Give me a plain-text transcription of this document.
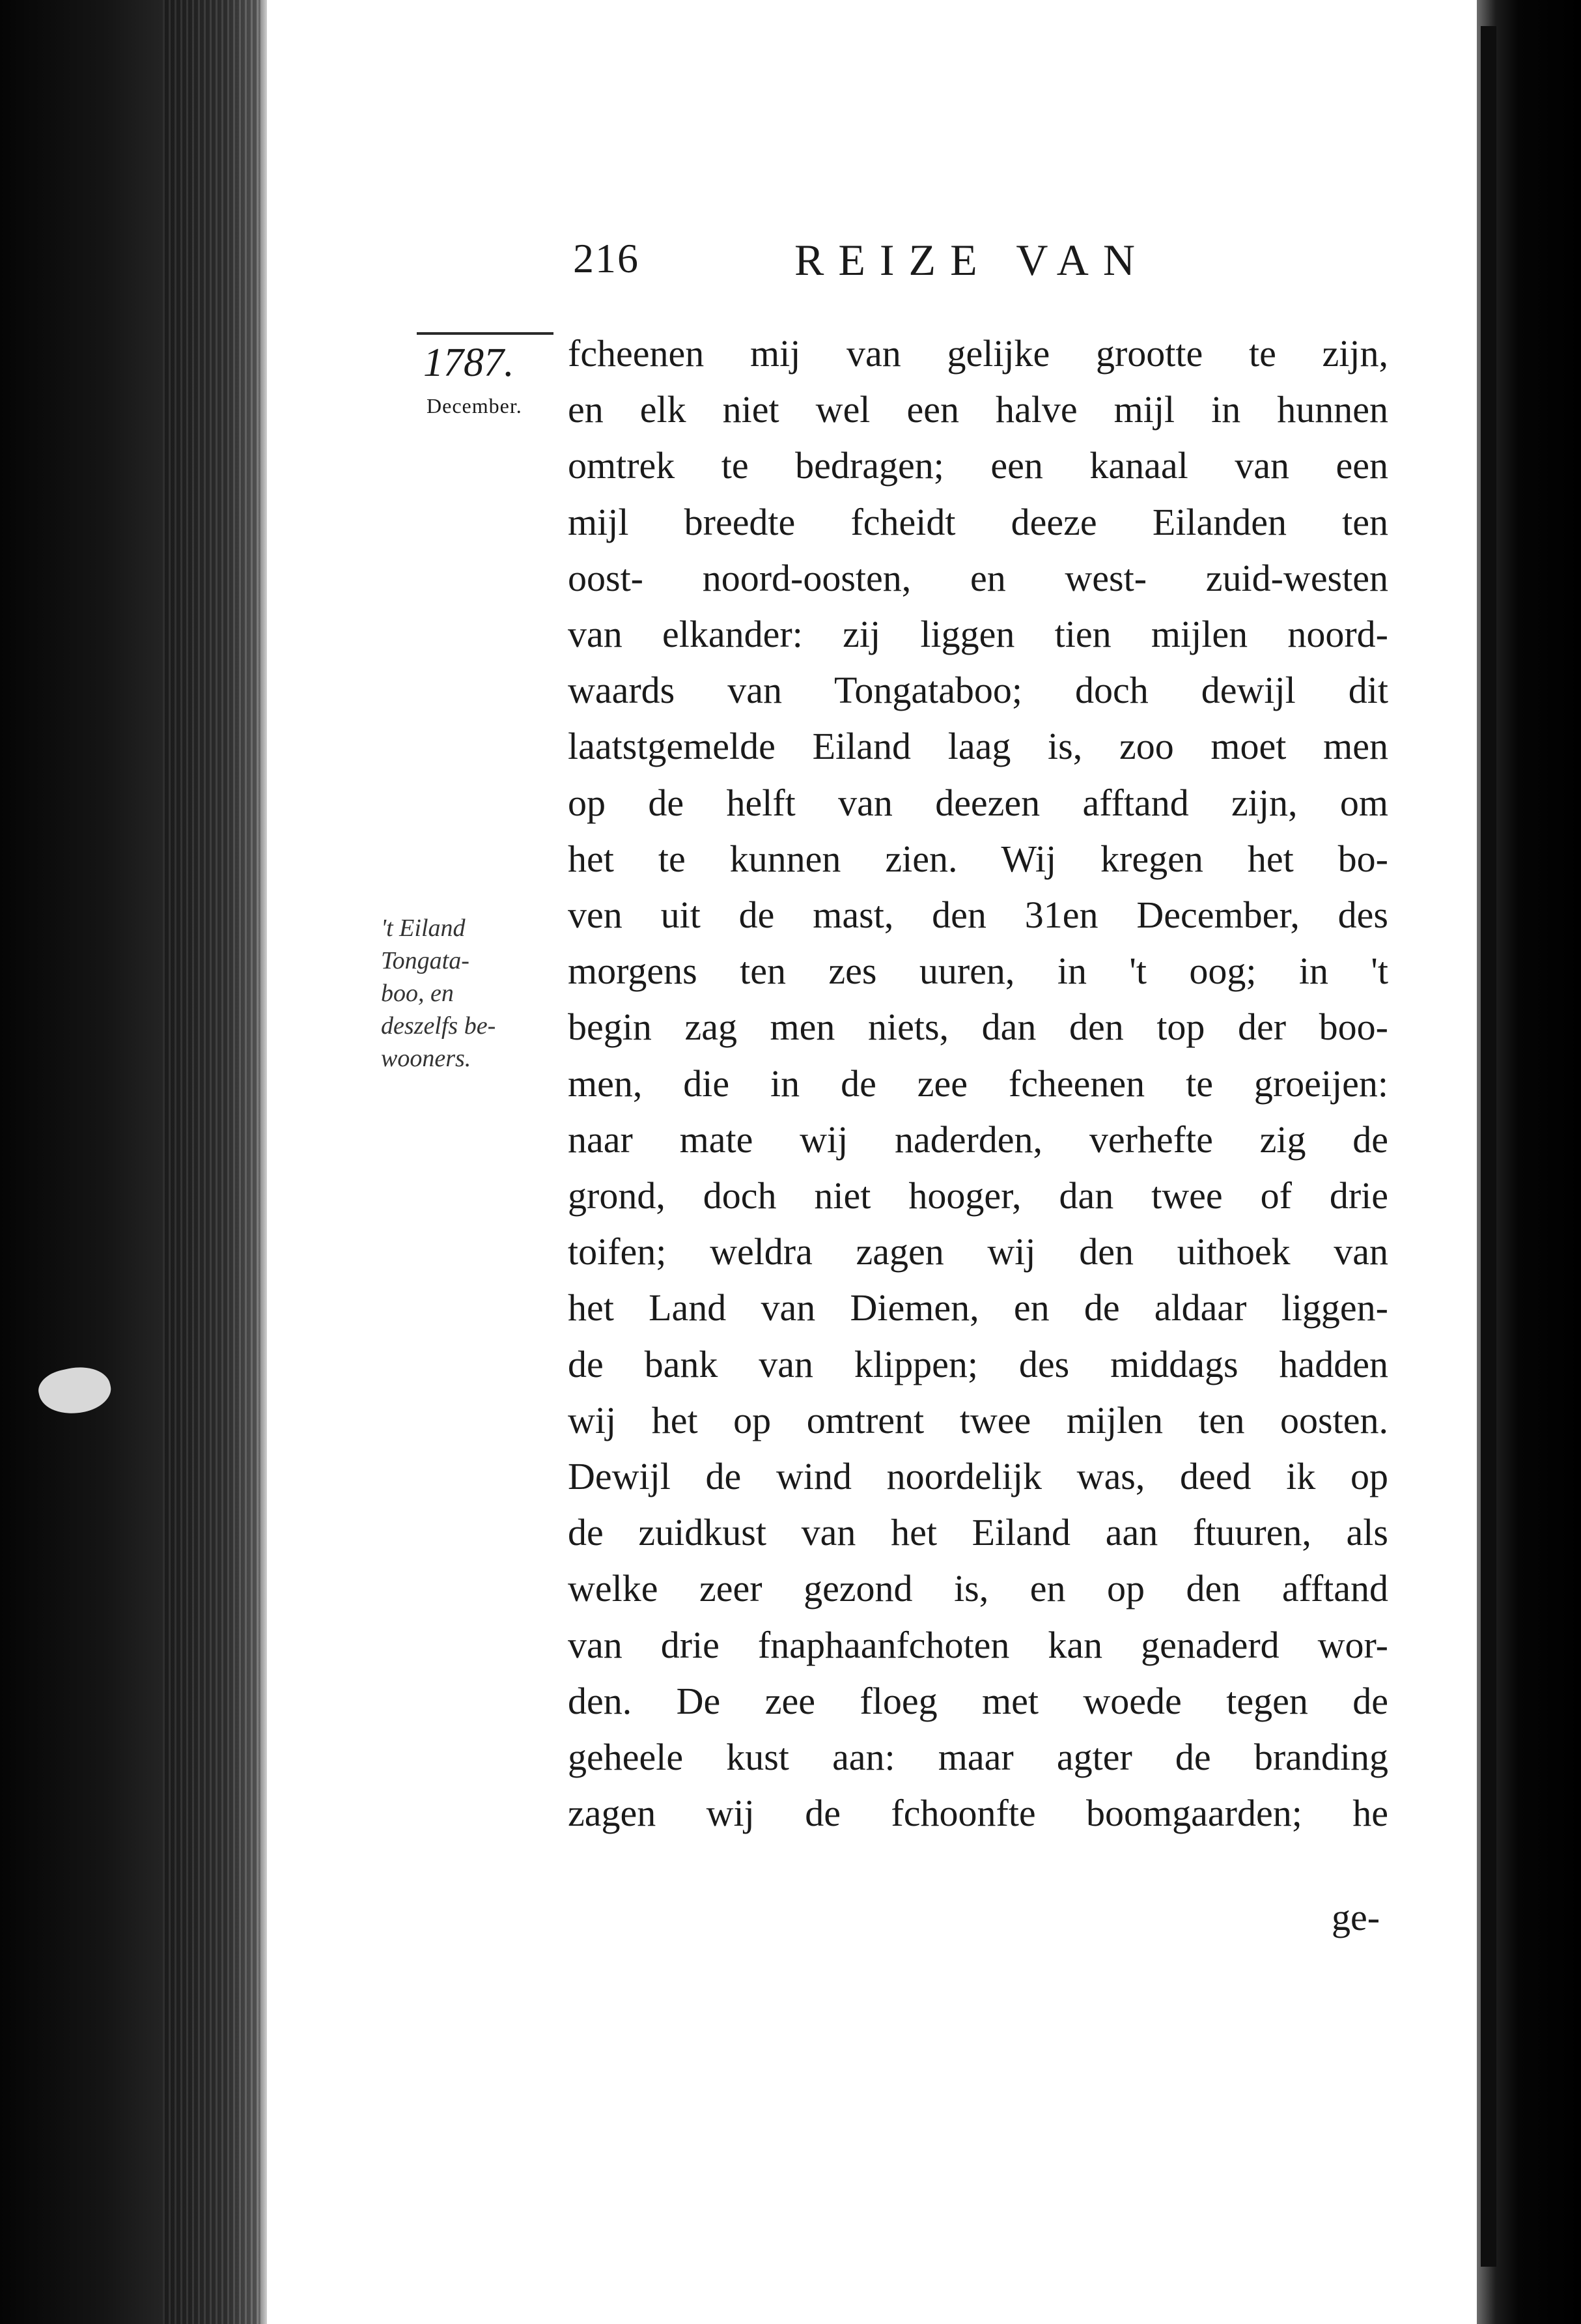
216	REIZE VAN
1787.
December.
't Eiland
Tongata-
boo, en
deszelfs be-
wooners.
fcheenen mij van gelijke grootte te zijn,
en elk niet wel een halve mijl in hunnen
omtrek te bedragen; een kanaal van een
mijl breedte fcheidt deeze Eilanden ten
oost- noord-oosten, en west- zuid-westen
van elkander: zij liggen tien mijlen noord-
waards van Tongataboo; doch dewijl dit
laatstgemelde Eiland laag is, zoo moet men
op de helft van deezen afftand zijn, om
het te kunnen zien. Wij kregen het bo-
ven uit de mast, den 31en December, des
morgens ten zes uuren, in 't oog; in 't
begin zag men niets, dan den top der boo-
men, die in de zee fcheenen te groeijen:
naar mate wij naderden, verhefte zig de
grond, doch niet hooger, dan twee of drie
toifen; weldra zagen wij den uithoek van
het Land van Diemen, en de aldaar liggen-
de bank van klippen; des middags hadden
wij het op omtrent twee mijlen ten oosten.
Dewijl de wind noordelijk was, deed ik op
de zuidkust van het Eiland aan ftuuren, als
welke zeer gezond is, en op den afftand
van drie fnaphaanfchoten kan genaderd wor-
den. De zee floeg met woede tegen de
geheele kust aan: maar agter de branding
zagen wij de fchoonfte boomgaarden; he
ge-
